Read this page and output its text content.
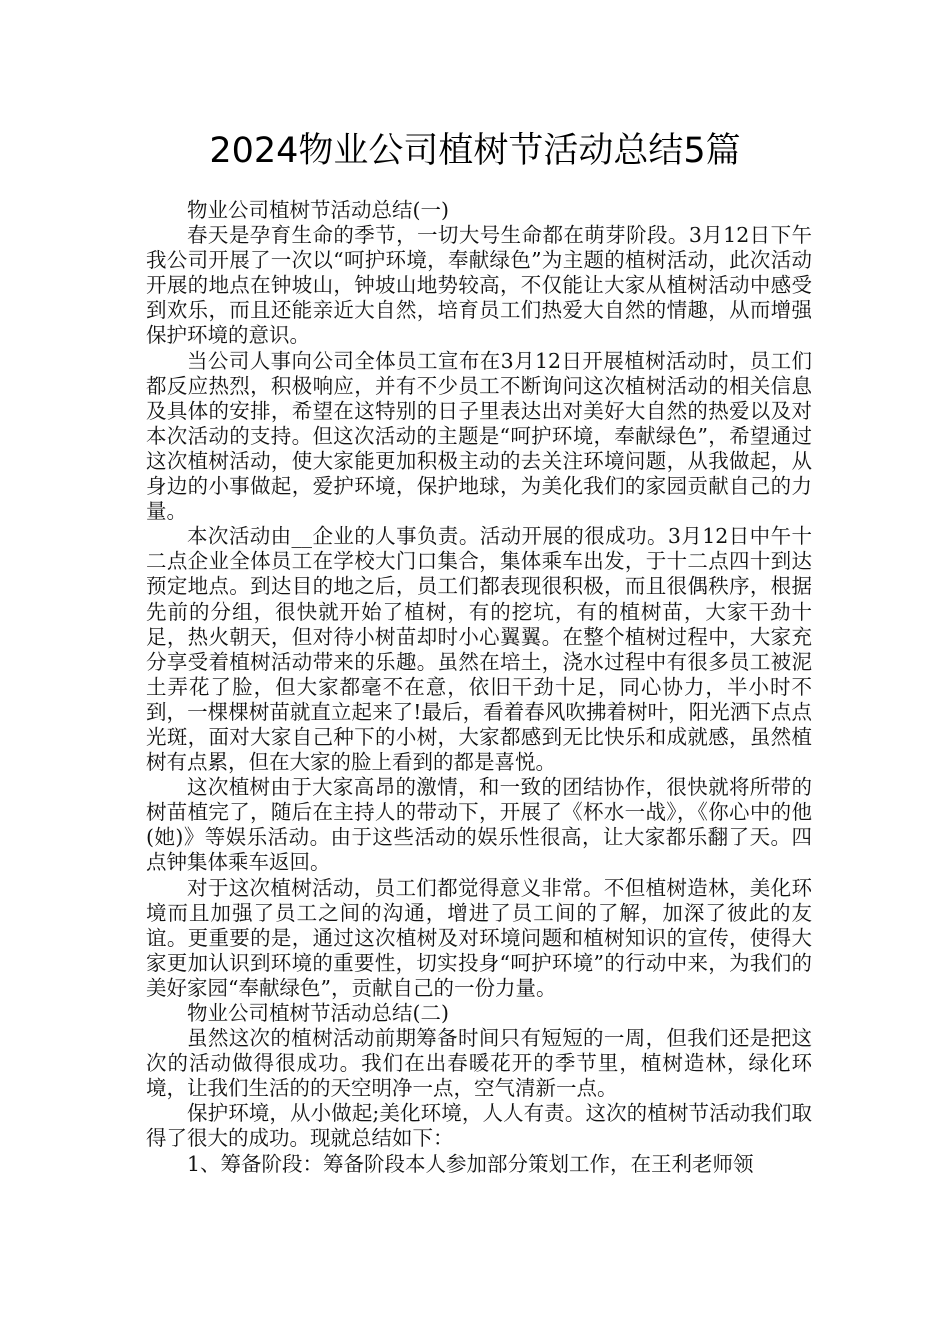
2024物业公司植树节活动总结5篇

物业公司植树节活动总结(一)

春天是孕育生命的季节，一切大号生命都在萌芽阶段。3月12日下午我公司开展了一次以“呵护环境，奉献绿色”为主题的植树活动，此次活动开展的地点在钟坡山，钟坡山地势较高，不仅能让大家从植树活动中感受到欢乐，而且还能亲近大自然，培育员工们热爱大自然的情趣，从而增强保护环境的意识。

当公司人事向公司全体员工宣布在3月12日开展植树活动时，员工们都反应热烈，积极响应，并有不少员工不断询问这次植树活动的相关信息及具体的安排，希望在这特别的日子里表达出对美好大自然的热爱以及对本次活动的支持。但这次活动的主题是“呵护环境，奉献绿色”，希望通过这次植树活动，使大家能更加积极主动的去关注环境问题，从我做起，从身边的小事做起，爱护环境，保护地球，为美化我们的家园贡献自己的力量。

本次活动由__企业的人事负责。活动开展的很成功。3月12日中午十二点企业全体员工在学校大门口集合，集体乘车出发，于十二点四十到达预定地点。到达目的地之后，员工们都表现很积极，而且很偶秩序，根据先前的分组，很快就开始了植树，有的挖坑，有的植树苗，大家干劲十足，热火朝天，但对待小树苗却时小心翼翼。在整个植树过程中，大家充分享受着植树活动带来的乐趣。虽然在培土，浇水过程中有很多员工被泥土弄花了脸，但大家都毫不在意，依旧干劲十足，同心协力，半小时不到，一棵棵树苗就直立起来了!最后，看着春风吹拂着树叶，阳光洒下点点光斑，面对大家自己种下的小树，大家都感到无比快乐和成就感，虽然植树有点累，但在大家的脸上看到的都是喜悦。

这次植树由于大家高昂的激情，和一致的团结协作，很快就将所带的树苗植完了，随后在主持人的带动下，开展了《杯水一战》，《你心中的他(她)》等娱乐活动。由于这些活动的娱乐性很高，让大家都乐翻了天。四点钟集体乘车返回。

对于这次植树活动，员工们都觉得意义非常。不但植树造林，美化环境而且加强了员工之间的沟通，增进了员工间的了解，加深了彼此的友谊。更重要的是，通过这次植树及对环境问题和植树知识的宣传，使得大家更加认识到环境的重要性，切实投身“呵护环境”的行动中来，为我们的美好家园“奉献绿色”，贡献自己的一份力量。

物业公司植树节活动总结(二)

虽然这次的植树活动前期筹备时间只有短短的一周，但我们还是把这次的活动做得很成功。我们在出春暖花开的季节里，植树造林，绿化环境，让我们生活的的天空明净一点，空气清新一点。

保护环境，从小做起;美化环境，人人有责。这次的植树节活动我们取得了很大的成功。现就总结如下：

1、筹备阶段：筹备阶段本人参加部分策划工作，在王利老师领
